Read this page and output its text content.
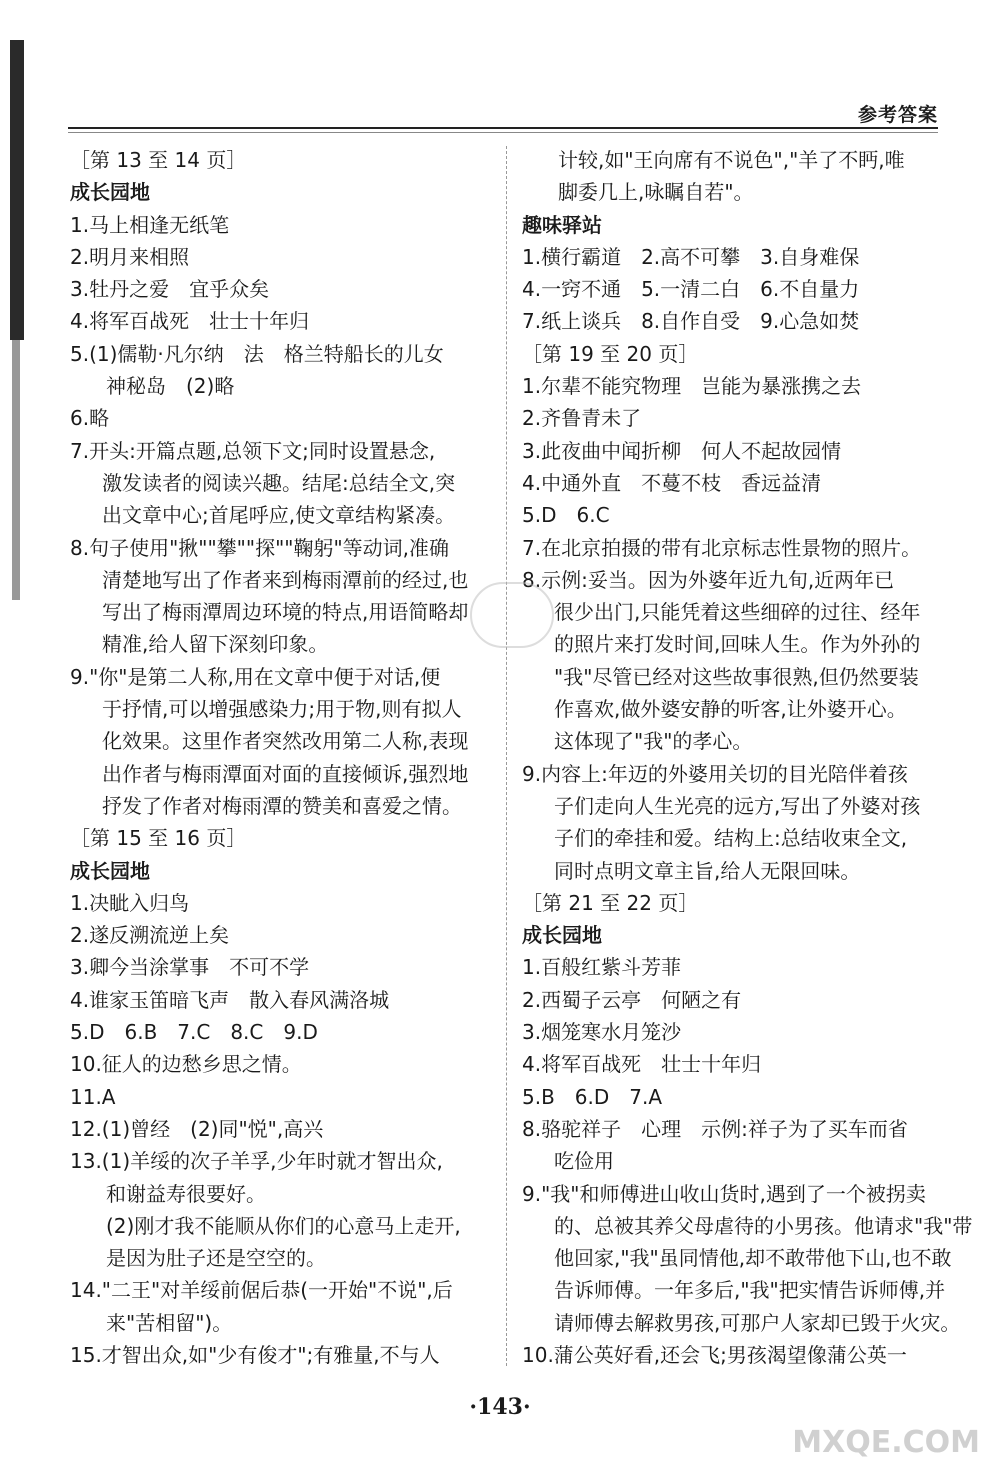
参考答案
［第 13 至 14 页］
成长园地
1.马上相逢无纸笔
2.明月来相照
3.牡丹之爱　宜乎众矣
4.将军百战死　壮士十年归
5.(1)儒勒·凡尔纳　法　格兰特船长的儿女
神秘岛　(2)略
6.略
7.开头:开篇点题,总领下文;同时设置悬念,
激发读者的阅读兴趣。结尾:总结全文,突
出文章中心;首尾呼应,使文章结构紧凑。
8.句子使用"揪""攀""探""鞠躬"等动词,准确
清楚地写出了作者来到梅雨潭前的经过,也
写出了梅雨潭周边环境的特点,用语简略却
精准,给人留下深刻印象。
9."你"是第二人称,用在文章中便于对话,便
于抒情,可以增强感染力;用于物,则有拟人
化效果。这里作者突然改用第二人称,表现
出作者与梅雨潭面对面的直接倾诉,强烈地
抒发了作者对梅雨潭的赞美和喜爱之情。
［第 15 至 16 页］
成长园地
1.决眦入归鸟
2.遂反溯流逆上矣
3.卿今当涂掌事　不可不学
4.谁家玉笛暗飞声　散入春风满洛城
5.D　6.B　7.C　8.C　9.D
10.征人的边愁乡思之情。
11.A
12.(1)曾经　(2)同"悦",高兴
13.(1)羊绥的次子羊孚,少年时就才智出众,
和谢益寿很要好。
(2)刚才我不能顺从你们的心意马上走开,
是因为肚子还是空空的。
14."二王"对羊绥前倨后恭(一开始"不说",后
来"苦相留")。
15.才智出众,如"少有俊才";有雅量,不与人
计较,如"王向席有不说色","羊了不眄,唯
脚委几上,咏瞩自若"。
趣味驿站
1.横行霸道　2.高不可攀　3.自身难保
4.一窍不通　5.一清二白　6.不自量力
7.纸上谈兵　8.自作自受　9.心急如焚
［第 19 至 20 页］
1.尔辈不能究物理　岂能为暴涨携之去
2.齐鲁青未了
3.此夜曲中闻折柳　何人不起故园情
4.中通外直　不蔓不枝　香远益清
5.D　6.C
7.在北京拍摄的带有北京标志性景物的照片。
8.示例:妥当。因为外婆年近九旬,近两年已
很少出门,只能凭着这些细碎的过往、经年
的照片来打发时间,回味人生。作为外孙的
"我"尽管已经对这些故事很熟,但仍然要装
作喜欢,做外婆安静的听客,让外婆开心。
这体现了"我"的孝心。
9.内容上:年迈的外婆用关切的目光陪伴着孩
子们走向人生光亮的远方,写出了外婆对孩
子们的牵挂和爱。结构上:总结收束全文,
同时点明文章主旨,给人无限回味。
［第 21 至 22 页］
成长园地
1.百般红紫斗芳菲
2.西蜀子云亭　何陋之有
3.烟笼寒水月笼沙
4.将军百战死　壮士十年归
5.B　6.D　7.A
8.骆驼祥子　心理　示例:祥子为了买车而省
吃俭用
9."我"和师傅进山收山货时,遇到了一个被拐卖
的、总被其养父母虐待的小男孩。他请求"我"带
他回家,"我"虽同情他,却不敢带他下山,也不敢
告诉师傅。一年多后,"我"把实情告诉师傅,并
请师傅去解救男孩,可那户人家却已毁于火灾。
10.蒲公英好看,还会飞;男孩渴望像蒲公英一
·143·
MXQE.COM
